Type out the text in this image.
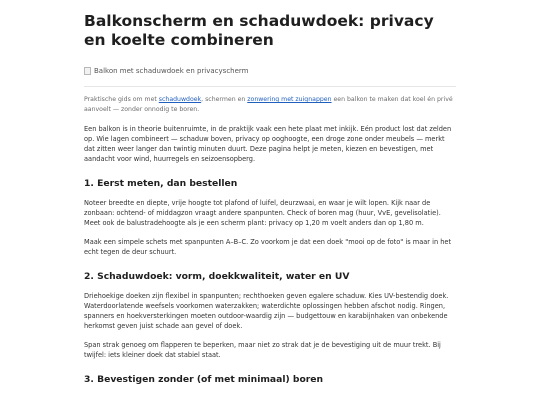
Balkonscherm en schaduwdoek: privacy en koelte combineren
Balkon met schaduwdoek en privacyscherm

Praktische gids om met schaduwdoek, schermen en zonwering met zuignappen een balkon te maken dat koel én privé aanvoelt — zonder onnodig te boren.

Een balkon is in theorie buitenruimte, in de praktijk vaak een hete plaat met inkijk. Eén product lost dat zelden op. Wie lagen combineert — schaduw boven, privacy op ooghoogte, een droge zone onder meubels — merkt dat zitten weer langer dan twintig minuten duurt. Deze pagina helpt je meten, kiezen en bevestigen, met aandacht voor wind, huurregels en seizoensopberg.

1. Eerst meten, dan bestellen

Noteer breedte en diepte, vrije hoogte tot plafond of luifel, deurzwaai, en waar je wilt lopen. Kijk naar de zonbaan: ochtend- of middagzon vraagt andere spanpunten. Check of boren mag (huur, VvE, gevelisolatie). Meet ook de balustradehoogte als je een scherm plant: privacy op 1,20 m voelt anders dan op 1,80 m.

Maak een simpele schets met spanpunten A–B–C. Zo voorkom je dat een doek "mooi op de foto" is maar in het echt tegen de deur schuurt.

2. Schaduwdoek: vorm, doekkwaliteit, water en UV

Driehoekige doeken zijn flexibel in spanpunten; rechthoeken geven egalere schaduw. Kies UV-bestendig doek. Waterdoorlatende weefsels voorkomen waterzakken; waterdichte oplossingen hebben afschot nodig. Ringen, spanners en hoekversterkingen moeten outdoor-waardig zijn — budgettouw en karabijnhaken van onbekende herkomst geven juist schade aan gevel of doek.

Span strak genoeg om flapperen te beperken, maar niet zo strak dat je de bevestiging uit de muur trekt. Bij twijfel: iets kleiner doek dat stabiel staat.

3. Bevestigen zonder (of met minimaal) boren
